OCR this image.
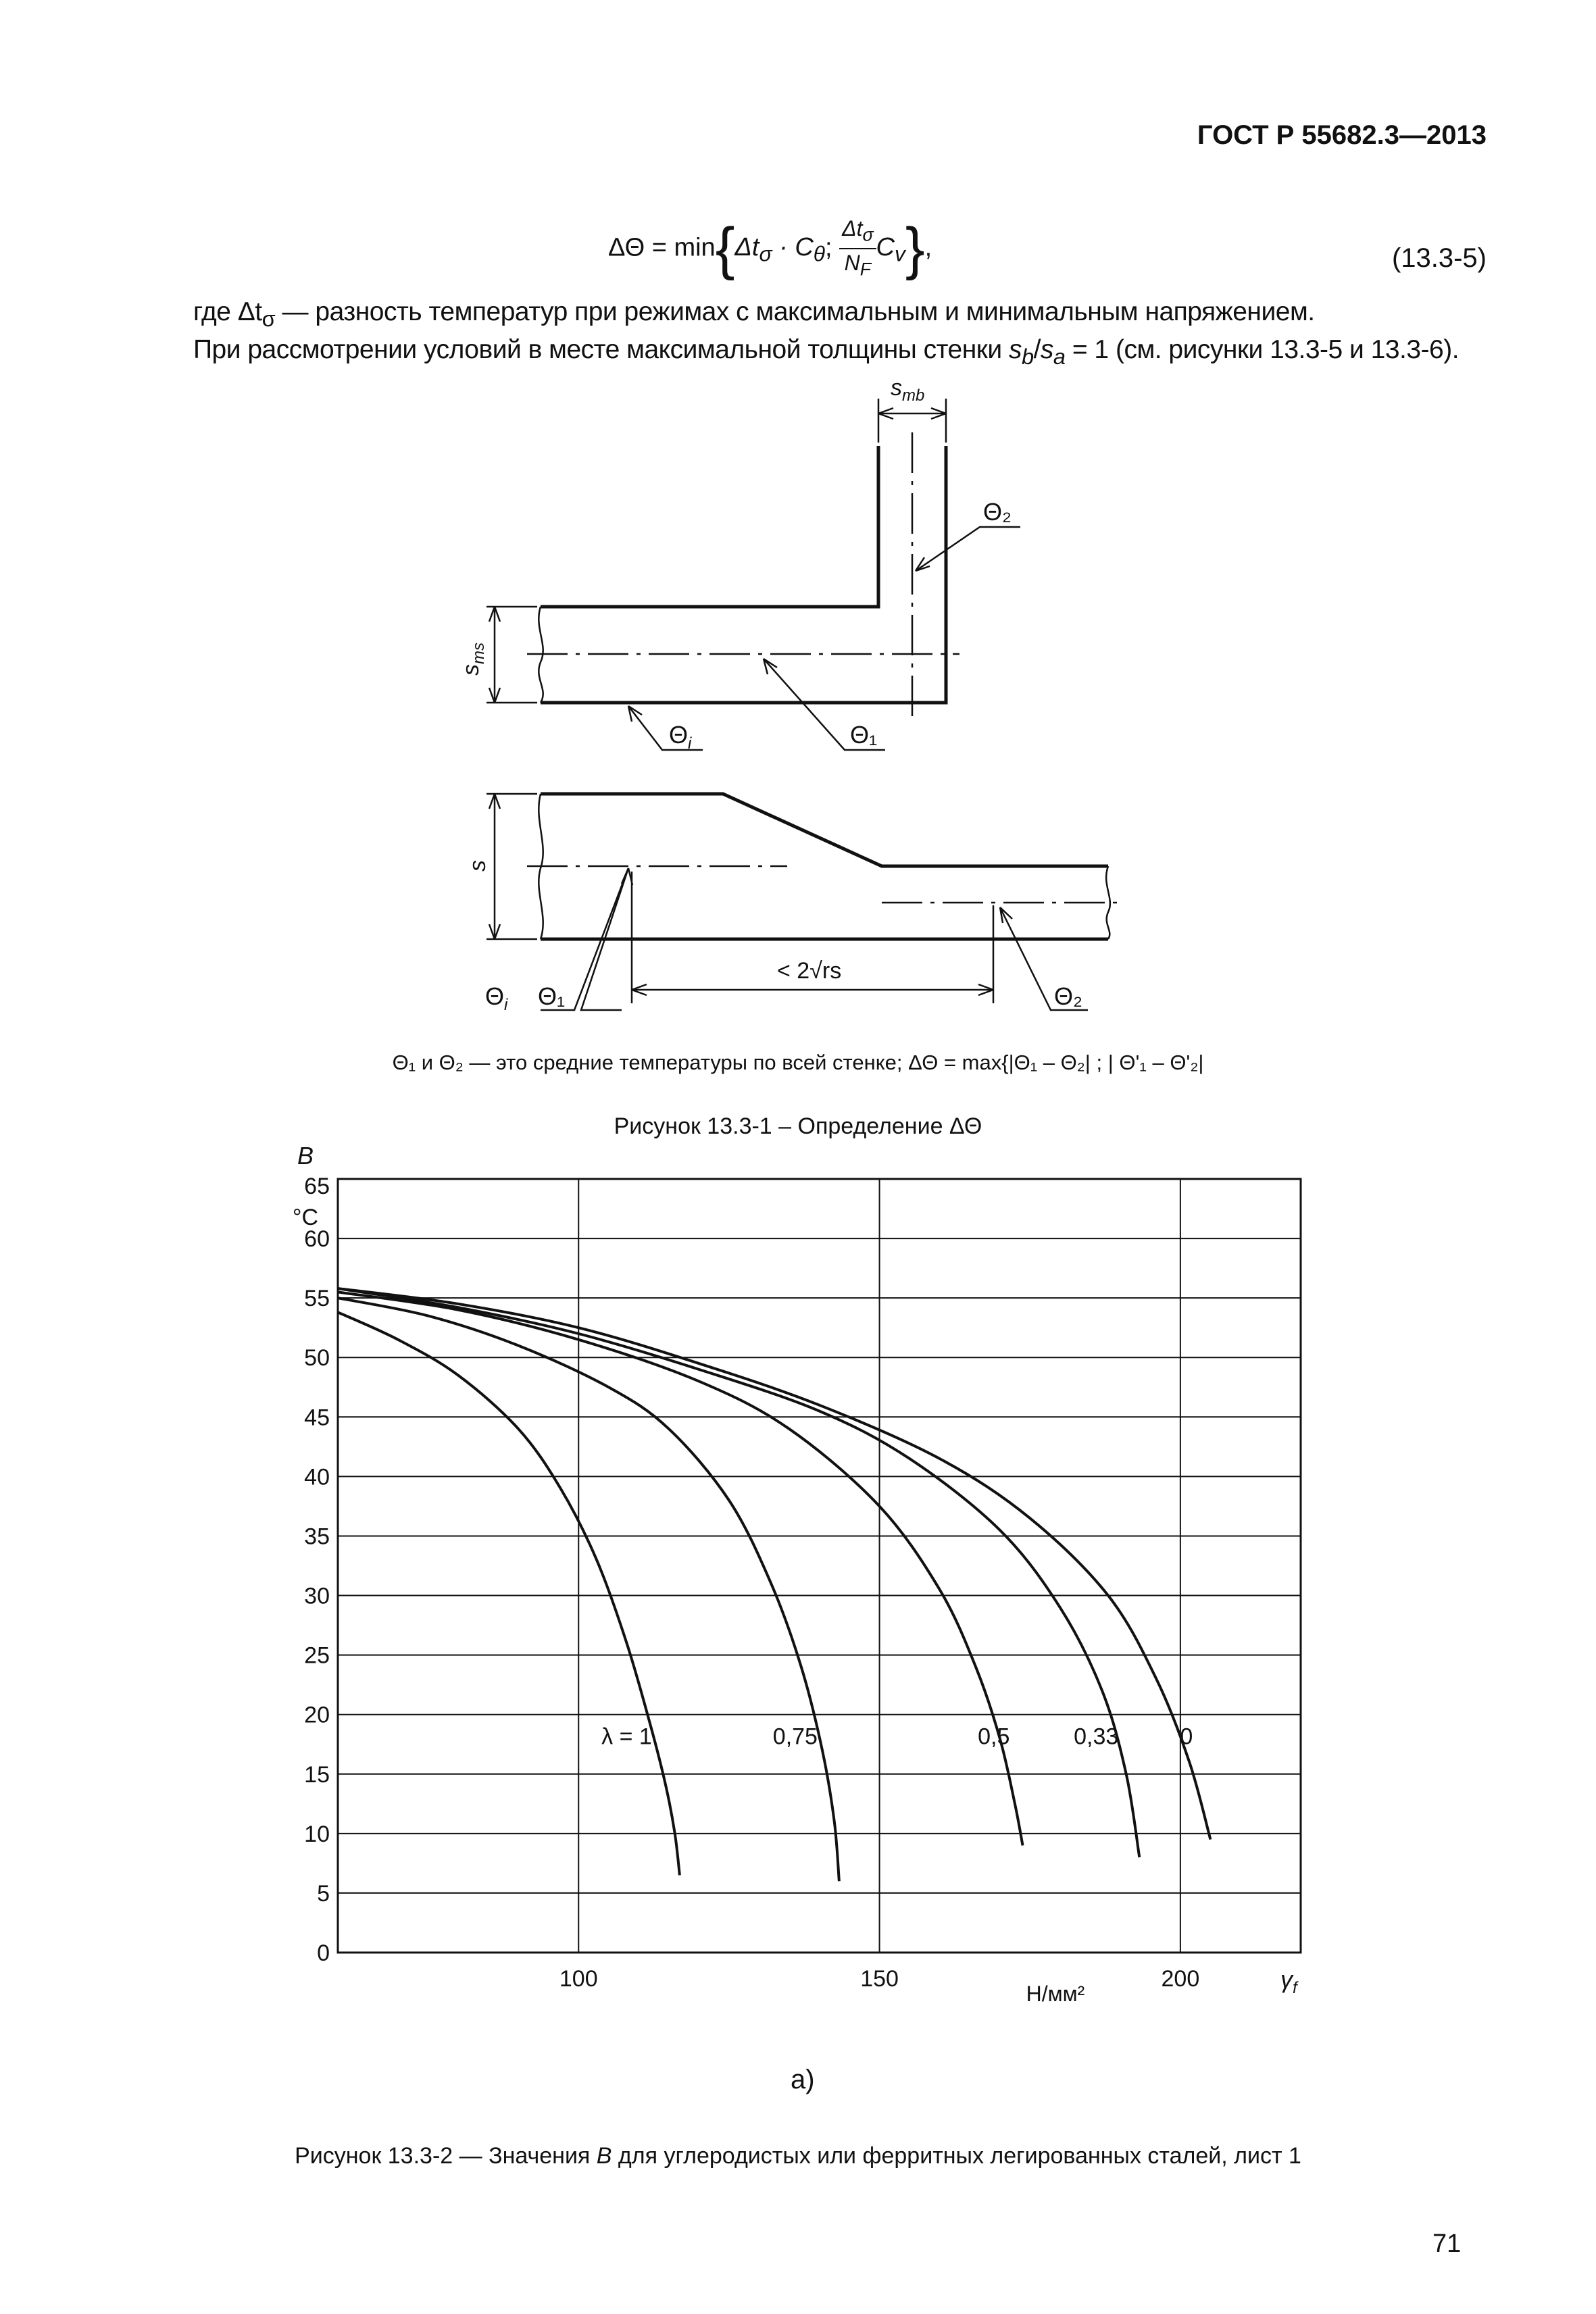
ГОСТ Р 55682.3—2013
$\Delta\Theta = \min\{\Delta t_\sigma \cdot C_\theta$; $\frac{\Delta t_\sigma}{N_F} C_v$},	(13.3-5)
где $\Delta t_\sigma$ — разность температур при режимах с максимальным и минимальным напряжением.
При рассмотрении условий в месте максимальной толщины стенки $s_b/s_a = 1$ (см. рисунки 13.3-5 и 13.3-6).
$s_{mb}$
$s_{ms}$
s
Θ₂
$\Theta_i$	Θ₁
< 2√rs
$\Theta_i$ Θ₁	Θ₂
Θ₁ и Θ₂ — это средние температуры по всей стенке; ΔΘ = max{|Θ₁ – Θ₂| ; | Θ'₁ – Θ'₂|
Рисунок 13.3-1 – Определение ΔΘ
0
5
10
15
20
25
30
35
40
45
50
55
60
65
100	150	200
B
°C
Н/мм²
$\gamma_f$
λ = 1	0,75	0,5	0,33	0
а)
Рисунок 13.3-2 — Значения B для углеродистых или ферритных легированных сталей, лист 1
71
